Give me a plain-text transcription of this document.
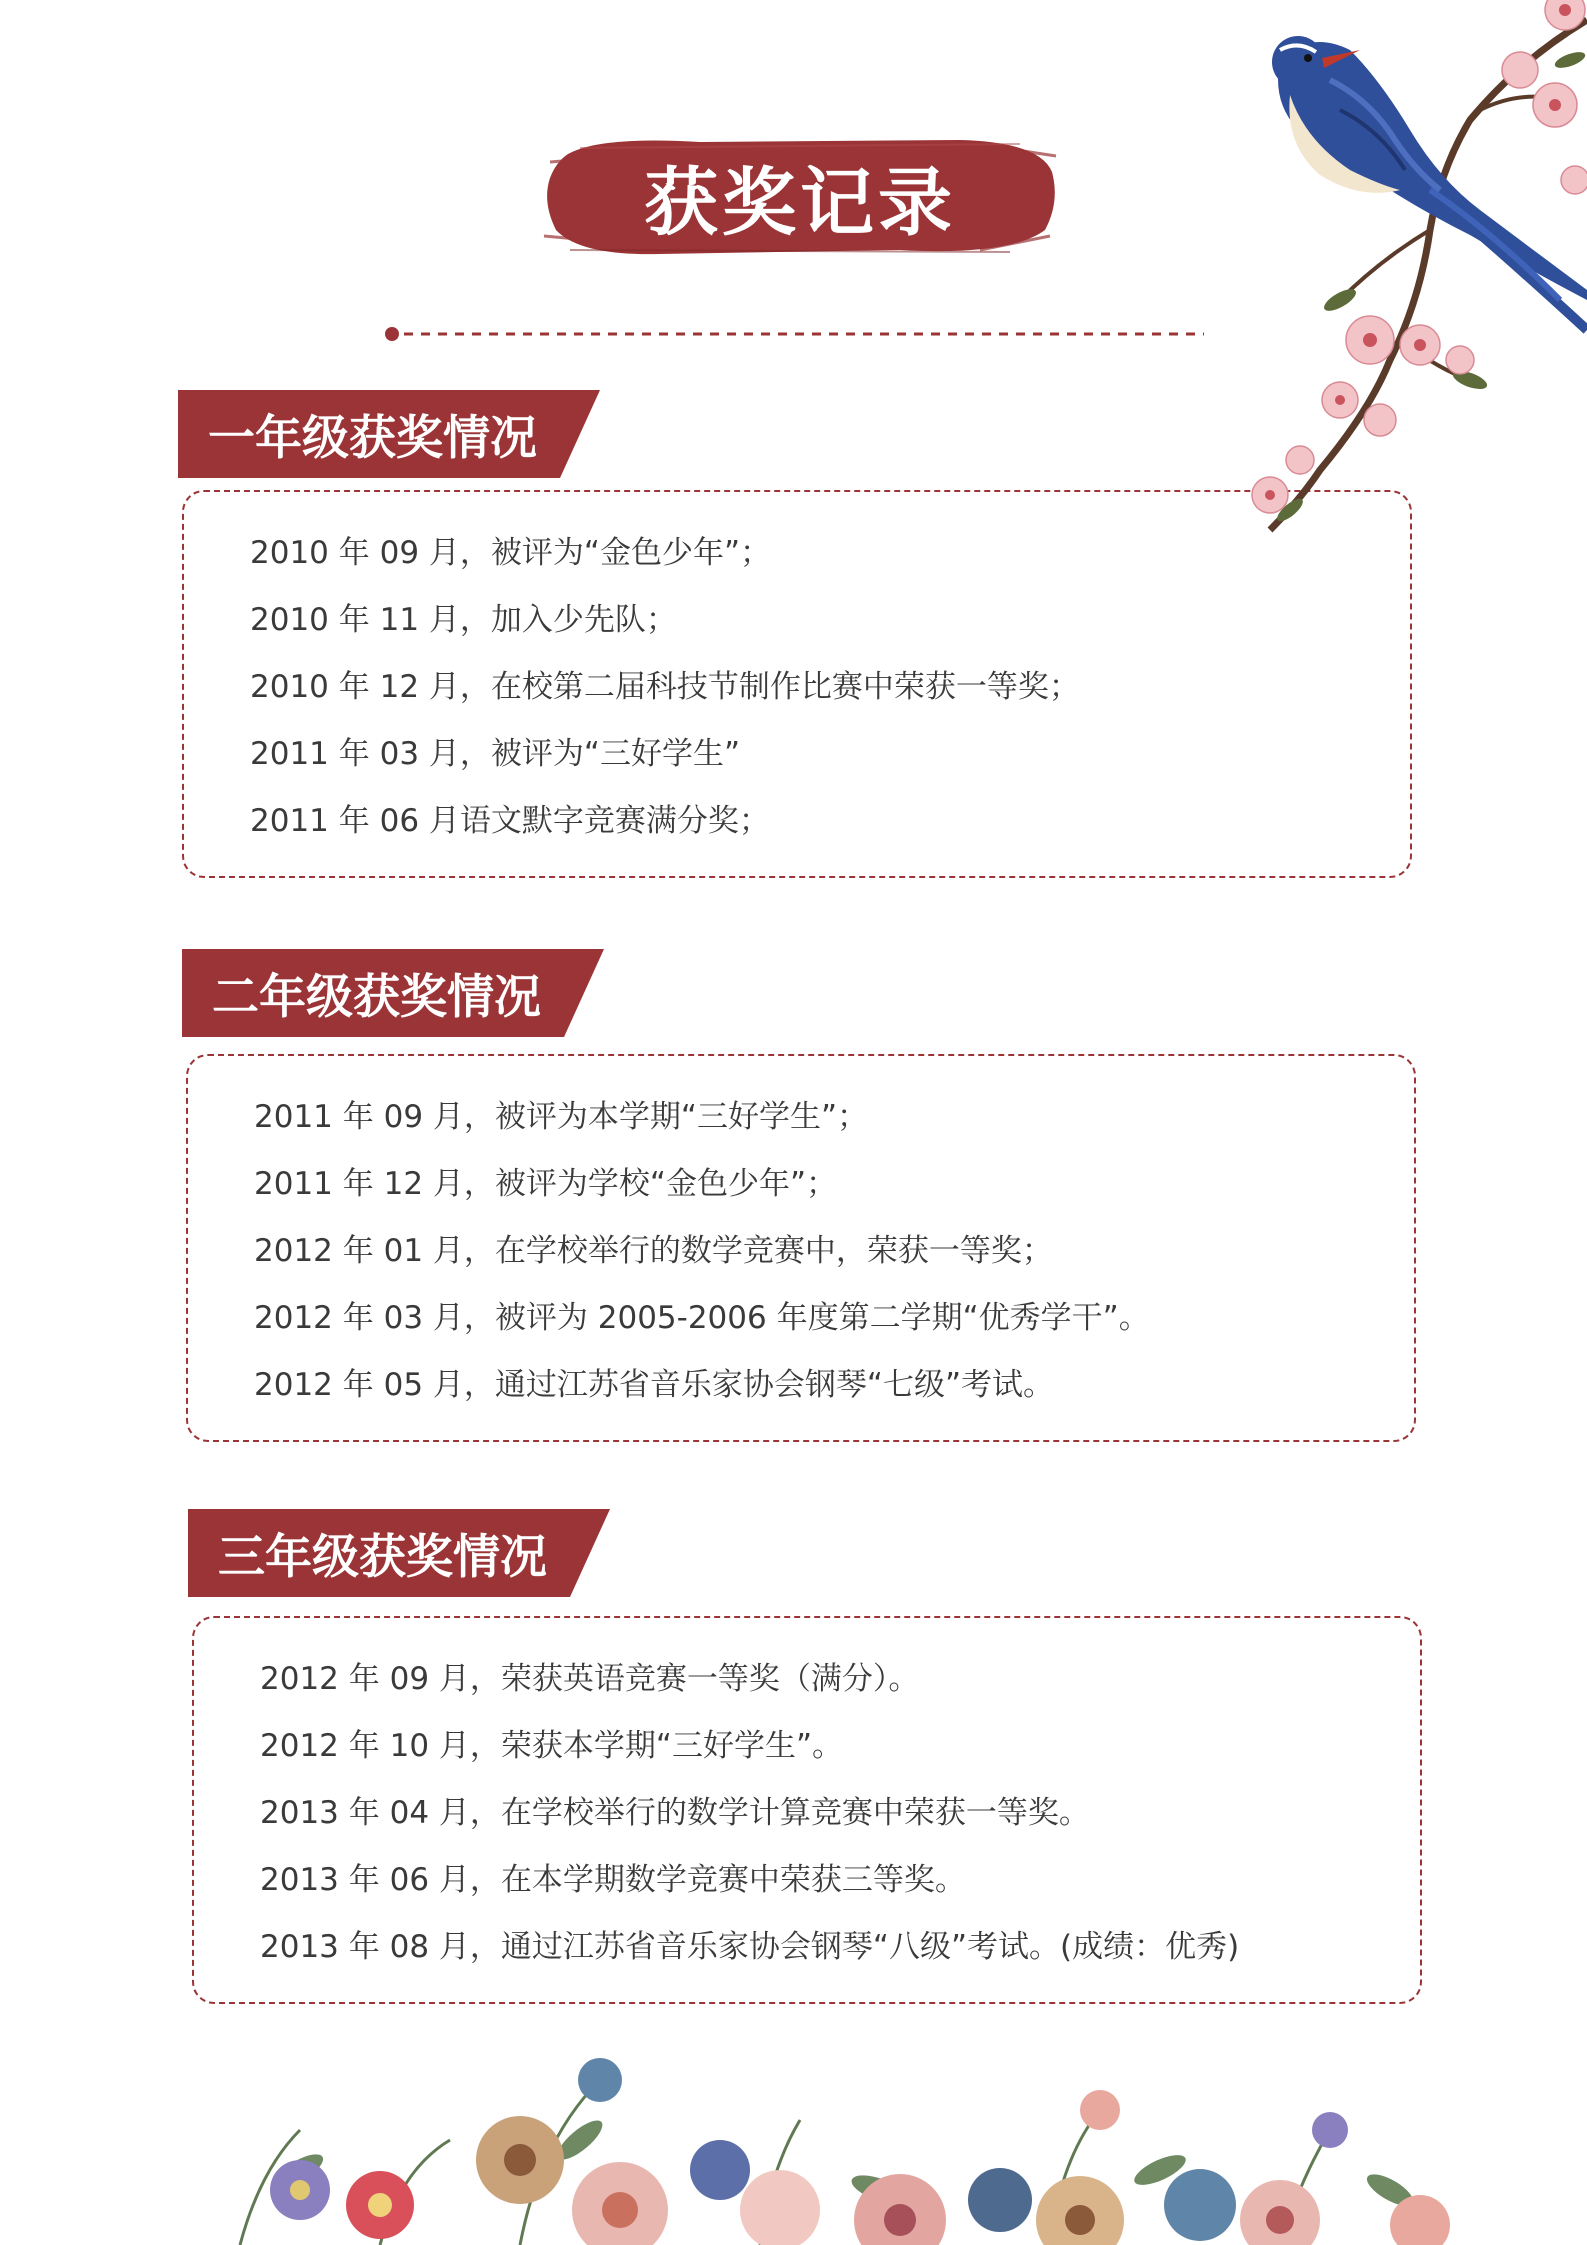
获奖记录
一年级获奖情况
2010 年 09 月，被评为“金色少年”；
2010 年 11 月，加入少先队；
2010 年 12 月，在校第二届科技节制作比赛中荣获一等奖；
2011 年 03 月，被评为“三好学生”
2011 年 06 月语文默字竞赛满分奖；
二年级获奖情况
2011 年 09 月，被评为本学期“三好学生”；
2011 年 12 月，被评为学校“金色少年”；
2012 年 01 月，在学校举行的数学竞赛中，荣获一等奖；
2012 年 03 月，被评为 2005-2006 年度第二学期“优秀学干”。
2012 年 05 月，通过江苏省音乐家协会钢琴“七级”考试。
三年级获奖情况
2012 年 09 月，荣获英语竞赛一等奖（满分）。
2012 年 10 月，荣获本学期“三好学生”。
2013 年 04 月，在学校举行的数学计算竞赛中荣获一等奖。
2013 年 06 月，在本学期数学竞赛中荣获三等奖。
2013 年 08 月，通过江苏省音乐家协会钢琴“八级”考试。(成绩：优秀)
